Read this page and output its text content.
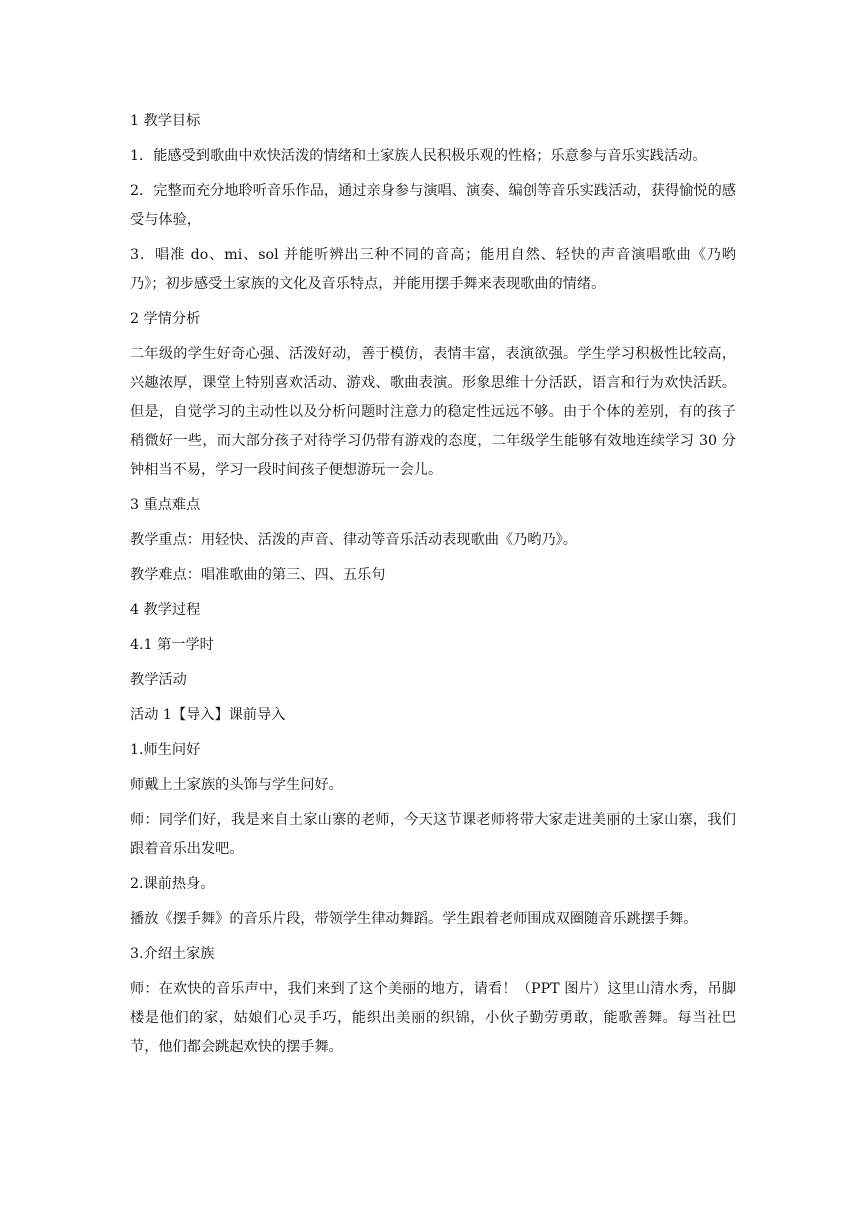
1 教学目标

1．能感受到歌曲中欢快活泼的情绪和土家族人民积极乐观的性格；乐意参与音乐实践活动。

2．完整而充分地聆听音乐作品，通过亲身参与演唱、演奏、编创等音乐实践活动，获得愉悦的感受与体验，

3．唱准 do、mi、sol 并能听辨出三种不同的音高；能用自然、轻快的声音演唱歌曲《乃哟乃》；初步感受土家族的文化及音乐特点，并能用摆手舞来表现歌曲的情绪。

2 学情分析

二年级的学生好奇心强、活泼好动，善于模仿，表情丰富，表演欲强。学生学习积极性比较高，兴趣浓厚，课堂上特别喜欢活动、游戏、歌曲表演。形象思维十分活跃，语言和行为欢快活跃。但是，自觉学习的主动性以及分析问题时注意力的稳定性远远不够。由于个体的差别，有的孩子稍微好一些，而大部分孩子对待学习仍带有游戏的态度，二年级学生能够有效地连续学习 30 分钟相当不易，学习一段时间孩子便想游玩一会儿。

3 重点难点

教学重点：用轻快、活泼的声音、律动等音乐活动表现歌曲《乃哟乃》。

教学难点：唱准歌曲的第三、四、五乐句

4 教学过程

4.1 第一学时

教学活动

活动 1【导入】课前导入

1.师生问好

师戴上土家族的头饰与学生问好。

师：同学们好，我是来自土家山寨的老师，今天这节课老师将带大家走进美丽的土家山寨，我们跟着音乐出发吧。

2.课前热身。

播放《摆手舞》的音乐片段，带领学生律动舞蹈。学生跟着老师围成双圈随音乐跳摆手舞。

3.介绍土家族

师：在欢快的音乐声中，我们来到了这个美丽的地方，请看！（PPT 图片）这里山清水秀，吊脚楼是他们的家，姑娘们心灵手巧，能织出美丽的织锦，小伙子勤劳勇敢，能歌善舞。每当社巴节，他们都会跳起欢快的摆手舞。
